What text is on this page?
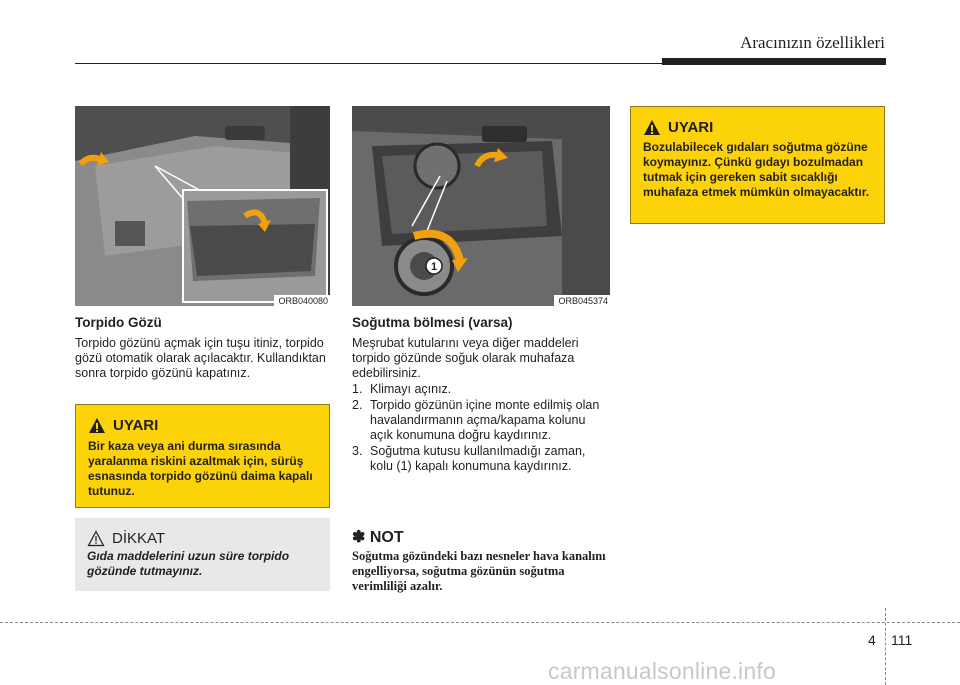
Aracınızın özellikleri
ORB040080
1
ORB045374
Torpido Gözü
Torpido gözünü açmak için tuşu itiniz, torpido gözü otomatik olarak açılacaktır. Kullandıktan sonra torpido gözünü kapatınız.
UYARI
Bir kaza veya ani durma sırasında yaralanma riskini azaltmak için, sürüş esnasında torpido gözünü daima kapalı tutunuz.
DİKKAT
Gıda maddelerini uzun süre torpido gözünde tutmayınız.
Soğutma bölmesi (varsa)
Meşrubat kutularını veya diğer maddeleri torpido gözünde soğuk olarak muhafaza edebilirsiniz.
1. Klimayı açınız.
2. Torpido gözünün içine monte edilmiş olan havalandırmanın açma/kapama kolunu açık konumuna doğru kaydırınız.
3. Soğutma kutusu kullanılmadığı zaman, kolu (1) kapalı konumuna kaydırınız.
✽ NOT
Soğutma gözündeki bazı nesneler hava kanalını engelliyorsa, soğutma gözünün soğutma verimliliği azalır.
UYARI
Bozulabilecek gıdaları soğutma gözüne koymayınız. Çünkü gıdayı bozulmadan tutmak için gereken sabit sıcaklığı muhafaza etmek mümkün olmayacaktır.
4 111
carmanualsonline.info
